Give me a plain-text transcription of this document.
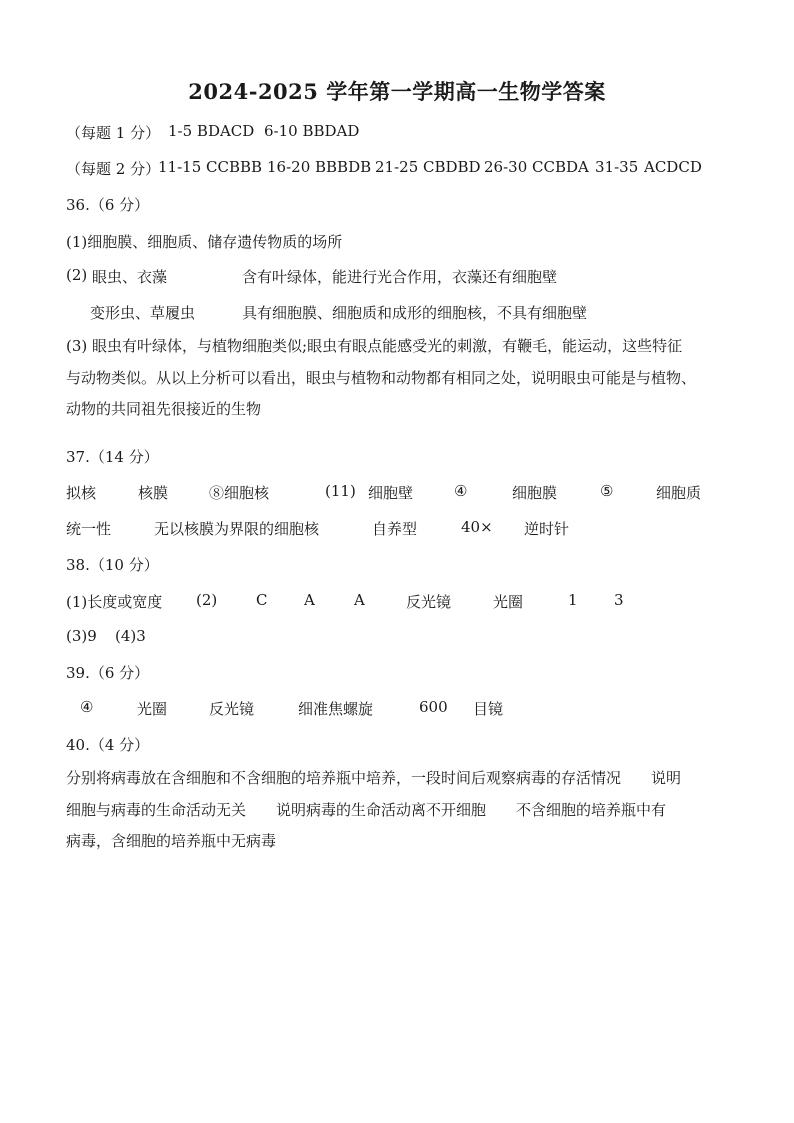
2024-2025 学年第一学期高一生物学答案
（每题 1 分） 1-5 BDACD 6-10 BBDAD
（每题 2 分）
11-15 CCBBB 16-20 BBBDB 21-25 CBDBD 26-30 CCBDA 31-35 ACDCD
36.（6 分）
(1)细胞膜、细胞质、储存遗传物质的场所
(2) 眼虫、衣藻	含有叶绿体，能进行光合作用，衣藻还有细胞壁
变形虫、草履虫	具有细胞膜、细胞质和成形的细胞核，不具有细胞壁
(3) 眼虫有叶绿体，与植物细胞类似;眼虫有眼点能感受光的刺激，有鞭毛，能运动，这些特征
与动物类似。从以上分析可以看出，眼虫与植物和动物都有相同之处，说明眼虫可能是与植物、
动物的共同祖先很接近的生物
37.（14 分）
拟核	核膜	⑧细胞核	(11) 细胞壁	④	细胞膜	⑤	细胞质
统一性	无以核膜为界限的细胞核	自养型	40× 逆时针
38.（10 分）
(1)长度或宽度 (2)	C A	A	反光镜	光圈	1 3
(3)9 (4)3
39.（6 分）
④	光圈	反光镜	细准焦螺旋	600 目镜
40.（4 分）
分别将病毒放在含细胞和不含细胞的培养瓶中培养，一段时间后观察病毒的存活情况　　说明
细胞与病毒的生命活动无关　　说明病毒的生命活动离不开细胞　　不含细胞的培养瓶中有
病毒，含细胞的培养瓶中无病毒
